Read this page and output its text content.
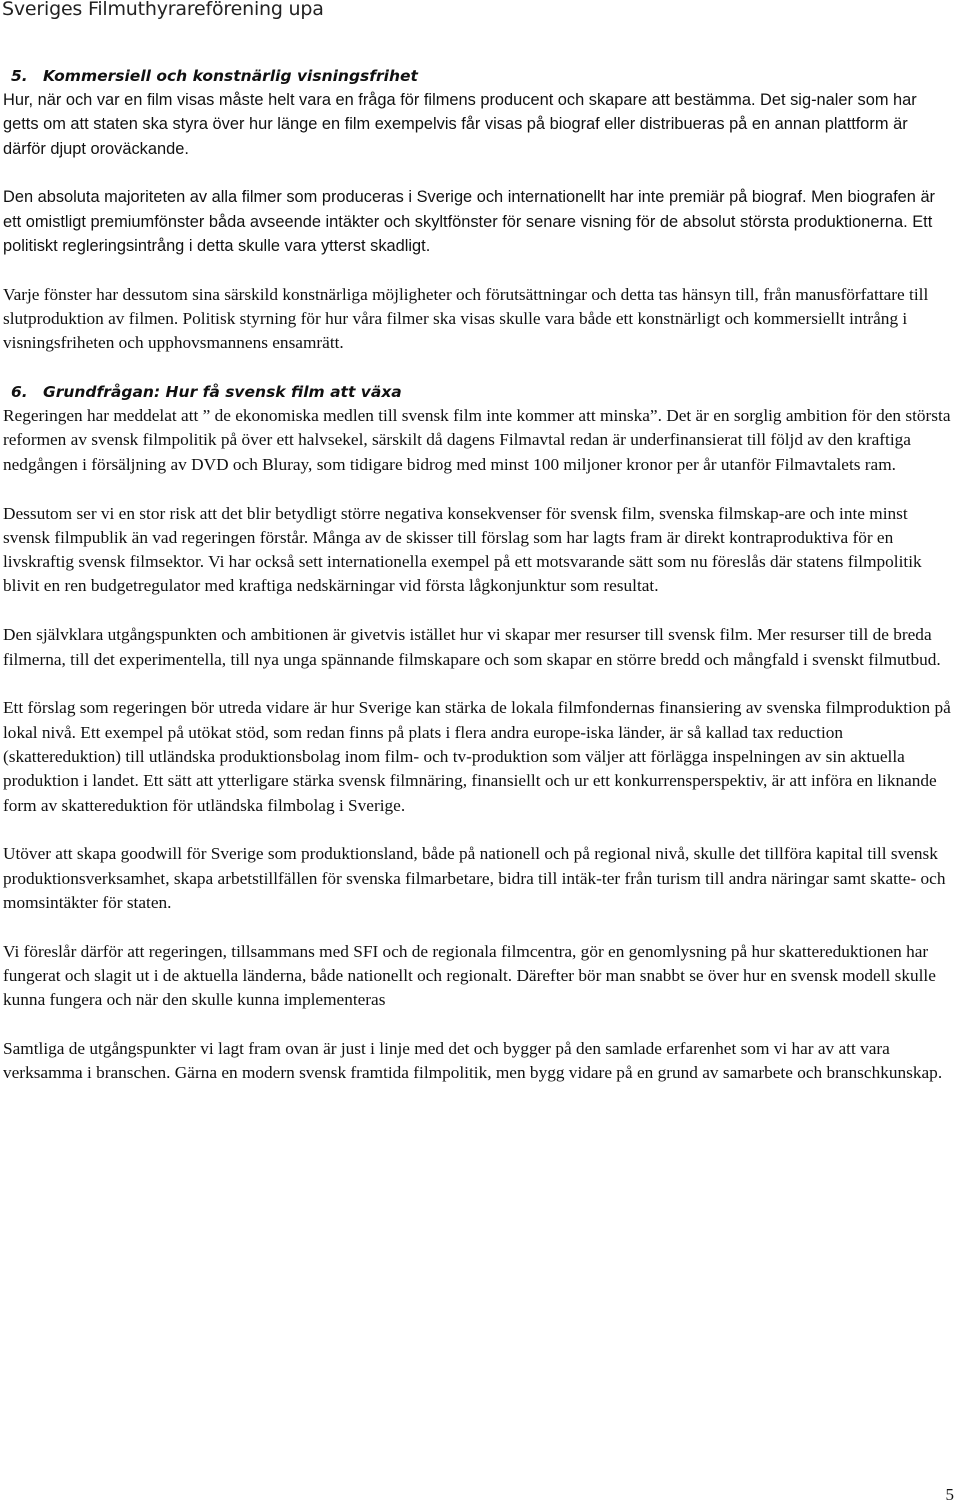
Sveriges Filmuthyrareförening upa
5. Kommersiell och konstnärlig visningsfrihet

Hur, när och var en film visas måste helt vara en fråga för filmens producent och skapare att bestämma. Det sig-naler som har getts om att staten ska styra över hur länge en film exempelvis får visas på biograf eller distribueras på en annan plattform är därför djupt oroväckande.

Den absoluta majoriteten av alla filmer som produceras i Sverige och internationellt har inte premiär på biograf. Men biografen är ett omistligt premiumfönster båda avseende intäkter och skyltfönster för senare visning för de absolut största produktionerna. Ett politiskt regleringsintrång i detta skulle vara ytterst skadligt.

Varje fönster har dessutom sina särskild konstnärliga möjligheter och förutsättningar och detta tas hänsyn till, från manusförfattare till slutproduktion av filmen. Politisk styrning för hur våra filmer ska visas skulle vara både ett konstnärligt och kommersiellt intrång i visningsfriheten och upphovsmannens ensamrätt.

6. Grundfrågan: Hur få svensk film att växa

Regeringen har meddelat att ” de ekonomiska medlen till svensk film inte kommer att minska”. Det är en sorglig ambition för den största reformen av svensk filmpolitik på över ett halvsekel, särskilt då dagens Filmavtal redan är underfinansierat till följd av den kraftiga nedgången i försäljning av DVD och Bluray, som tidigare bidrog med minst 100 miljoner kronor per år utanför Filmavtalets ram.

Dessutom ser vi en stor risk att det blir betydligt större negativa konsekvenser för svensk film, svenska filmskap-are och inte minst svensk filmpublik än vad regeringen förstår. Många av de skisser till förslag som har lagts fram är direkt kontraproduktiva för en livskraftig svensk filmsektor. Vi har också sett internationella exempel på ett motsvarande sätt som nu föreslås där statens filmpolitik blivit en ren budgetregulator med kraftiga nedskärningar vid första lågkonjunktur som resultat.

Den självklara utgångspunkten och ambitionen är givetvis istället hur vi skapar mer resurser till svensk film. Mer resurser till de breda filmerna, till det experimentella, till nya unga spännande filmskapare och som skapar en större bredd och mångfald i svenskt filmutbud.

Ett förslag som regeringen bör utreda vidare är hur Sverige kan stärka de lokala filmfondernas finansiering av svenska filmproduktion på lokal nivå. Ett exempel på utökat stöd, som redan finns på plats i flera andra europe-iska länder, är så kallad tax reduction (skattereduktion) till utländska produktionsbolag inom film- och tv-produktion som väljer att förlägga inspelningen av sin aktuella produktion i landet. Ett sätt att ytterligare stärka svensk filmnäring, finansiellt och ur ett konkurrensperspektiv, är att införa en liknande form av skattereduktion för utländska filmbolag i Sverige.

Utöver att skapa goodwill för Sverige som produktionsland, både på nationell och på regional nivå, skulle det tillföra kapital till svensk produktionsverksamhet, skapa arbetstillfällen för svenska filmarbetare, bidra till intäk-ter från turism till andra näringar samt skatte- och momsintäkter för staten.

Vi föreslår därför att regeringen, tillsammans med SFI och de regionala filmcentra, gör en genomlysning på hur skattereduktionen har fungerat och slagit ut i de aktuella länderna, både nationellt och regionalt. Därefter bör man snabbt se över hur en svensk modell skulle kunna fungera och när den skulle kunna implementeras

Samtliga de utgångspunkter vi lagt fram ovan är just i linje med det och bygger på den samlade erfarenhet som vi har av att vara verksamma i branschen. Gärna en modern svensk framtida filmpolitik, men bygg vidare på en grund av samarbete och branschkunskap.

5
